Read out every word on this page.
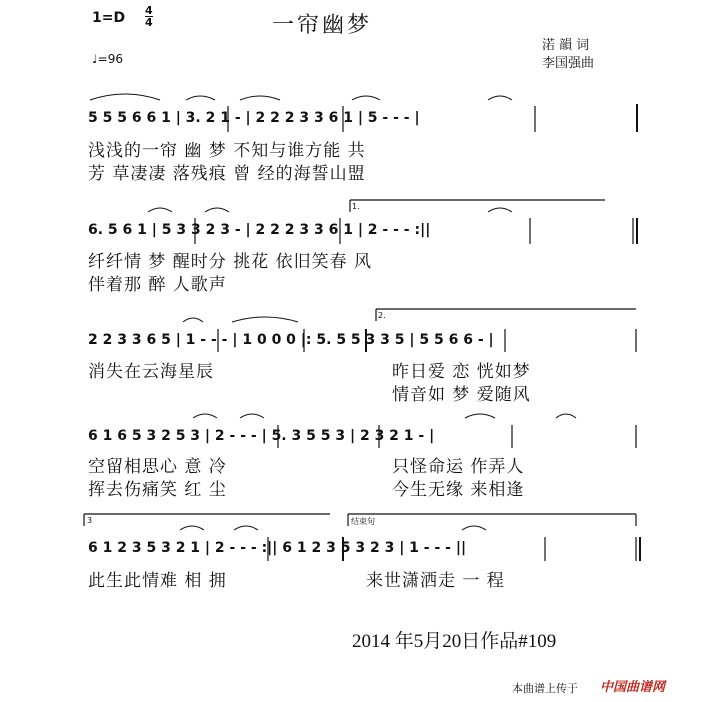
1=D 4
4	一帘幽梦
渃 韻 词
李国强曲
♩=96
1.
2.
3	结束句
5 5 5 6 6 1 | 3. 2 1 - | 2 2 2 3 3 6 1 | 5 - - - |
浅浅的一帘 幽 梦 不知与谁方能 共
芳 草凄凄 落残痕 曾 经的海誓山盟
6. 5 6 1 | 5 3 3 2 3 - | 2 2 2 3 3 6 1 | 2 - - - :||
纤纤情 梦 醒时分 挑花 依旧笑春 风
伴着那 醉 人歌声
2 2 3 3 6 5 | 1 - - - | 1 0 0 0 |: 5. 5 5 3 3 5 | 5 5 6 6 - |
消失在云海星辰	昨日爱 恋 恍如梦
情音如 梦 爱随风
6 1 6 5 3 2 5 3 | 2 - - - | 5. 3 5 5 3 | 2 3 2 1 - |
空留相思心 意 冷	只怪命运 作弄人
挥去伤痛笑 红 尘	今生无缘 来相逢
6 1 2 3 5 3 2 1 | 2 - - - :|| 6 1 2 3 5 3 2 3 | 1 - - - ||
此生此情难 相 拥	来世潇洒走 一 程
2014 年5月20日作品#109
本曲谱上传于 中国曲谱网
